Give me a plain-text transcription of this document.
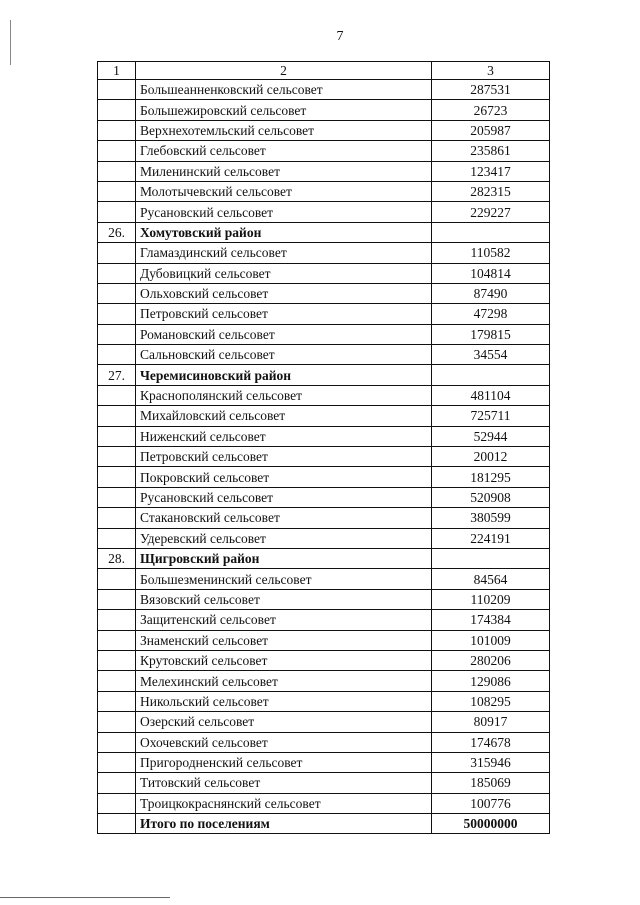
7
1	2	3
	Большеанненковский сельсовет	287531
	Большежировский сельсовет	26723
	Верхнехотемльский сельсовет	205987
	Глебовский сельсовет	235861
	Миленинский сельсовет	123417
	Молотычевский сельсовет	282315
	Русановский сельсовет	229227
26.	Хомутовский район	
	Гламаздинский сельсовет	110582
	Дубовицкий сельсовет	104814
	Ольховский сельсовет	87490
	Петровский сельсовет	47298
	Романовский сельсовет	179815
	Сальновский сельсовет	34554
27.	Черемисиновский район	
	Краснополянский сельсовет	481104
	Михайловский сельсовет	725711
	Ниженский сельсовет	52944
	Петровский сельсовет	20012
	Покровский сельсовет	181295
	Русановский сельсовет	520908
	Стакановский сельсовет	380599
	Удеревский сельсовет	224191
28.	Щигровский район	
	Большезменинский сельсовет	84564
	Вязовский сельсовет	110209
	Защитенский сельсовет	174384
	Знаменский сельсовет	101009
	Крутовский сельсовет	280206
	Мелехинский сельсовет	129086
	Никольский сельсовет	108295
	Озерский сельсовет	80917
	Охочевский сельсовет	174678
	Пригородненский сельсовет	315946
	Титовский сельсовет	185069
	Троицкокраснянский сельсовет	100776
	Итого по поселениям	50000000
